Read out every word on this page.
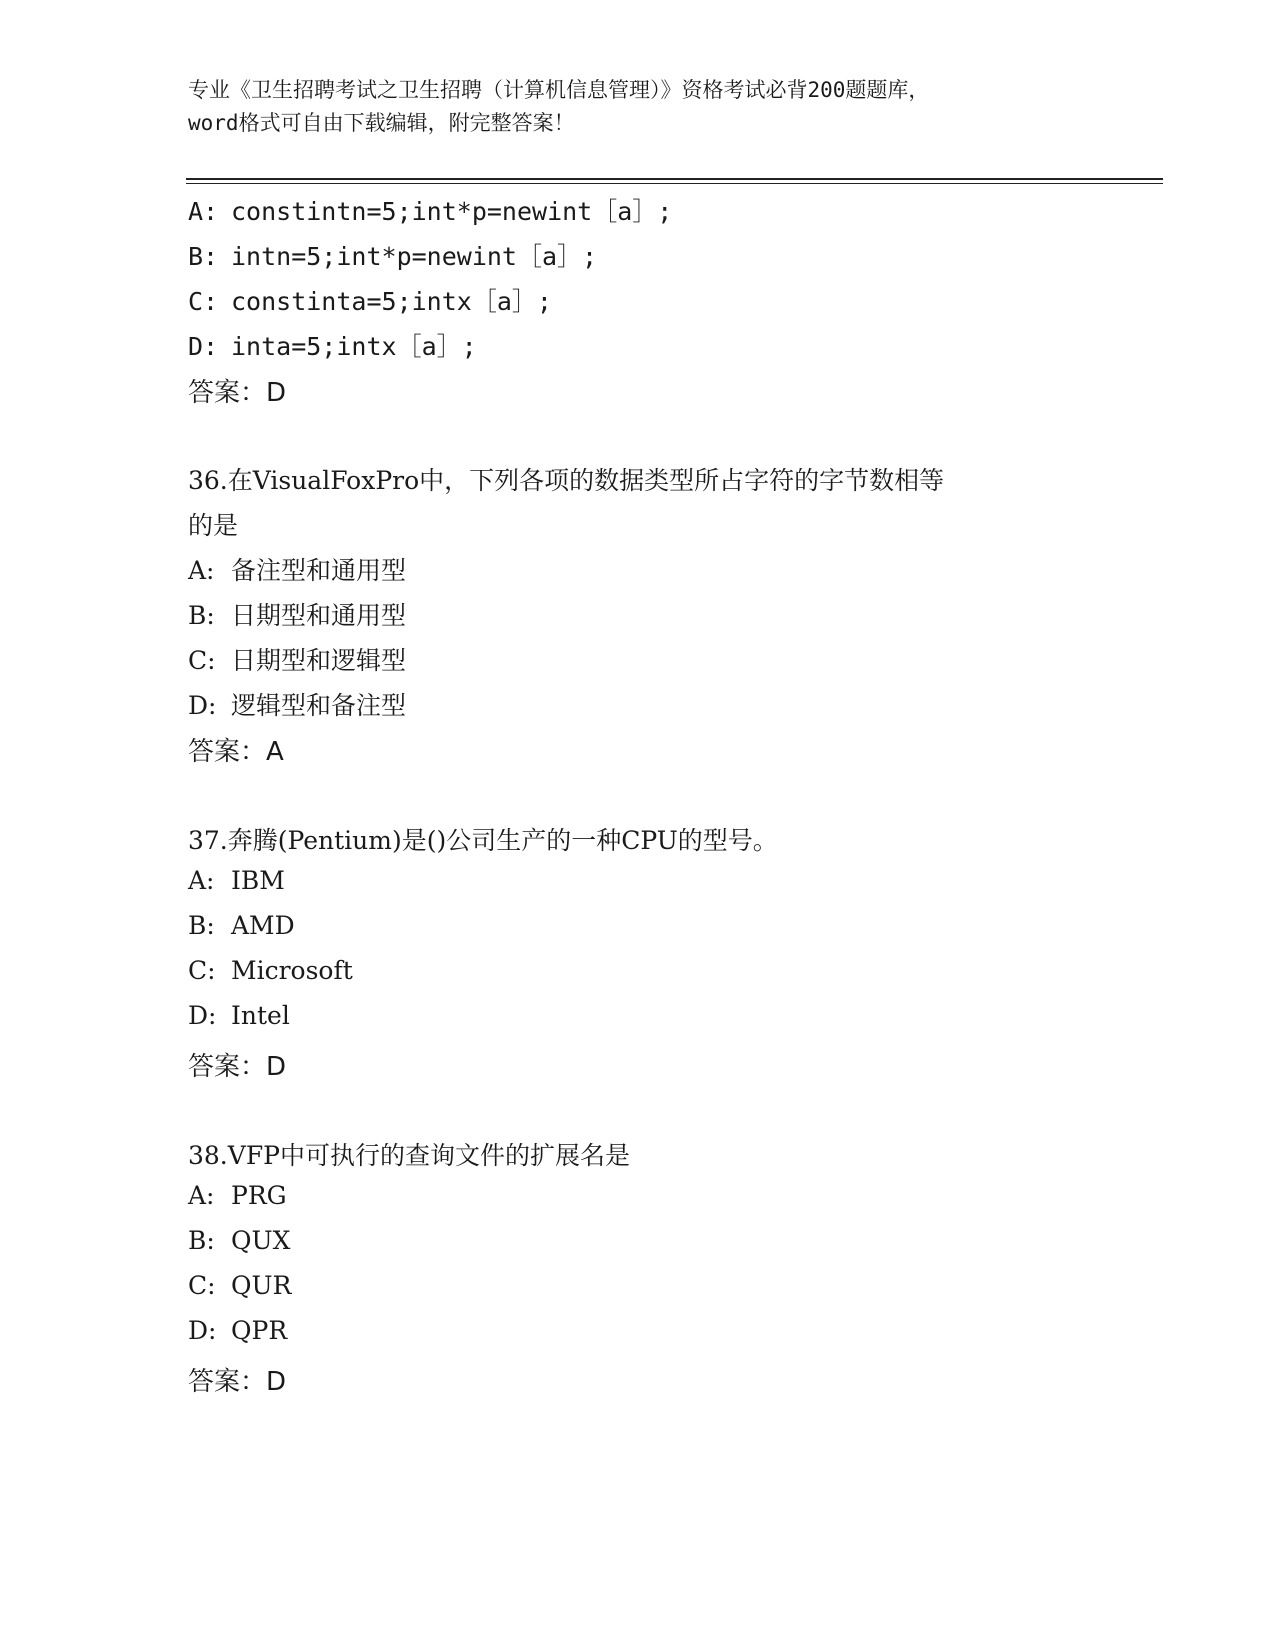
专业《卫生招聘考试之卫生招聘（计算机信息管理）》资格考试必背200题题库，
word格式可自由下载编辑，附完整答案！
A: constintn=5;int*p=newint［a］;
B: intn=5;int*p=newint［a］;
C: constinta=5;intx［a］;
D: inta=5;intx［a］;
答案：D
36.在VisualFoxPro中，下列各项的数据类型所占字符的字节数相等
的是
A: 备注型和通用型
B: 日期型和通用型
C: 日期型和逻辑型
D: 逻辑型和备注型
答案：A
37.奔腾(Pentium)是()公司生产的一种CPU的型号。
A: IBM
B: AMD
C: Microsoft
D: Intel
答案：D
38.VFP中可执行的查询文件的扩展名是
A: PRG
B: QUX
C: QUR
D: QPR
答案：D
